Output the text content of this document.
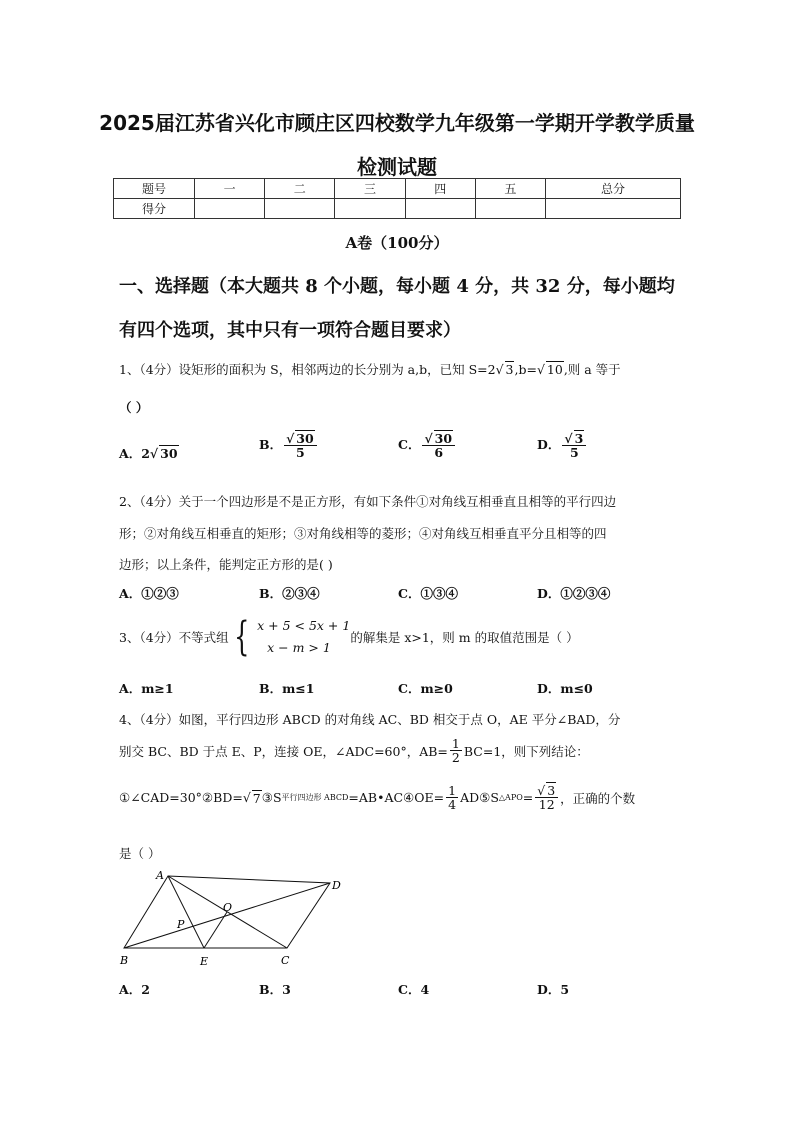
2025届江苏省兴化市顾庄区四校数学九年级第一学期开学教学质量
检测试题
题号	一	二	三	四	五	总分
得分						
A卷（100分）
一、选择题（本大题共 8 个小题，每小题 4 分，共 32 分，每小题均
有四个选项，其中只有一项符合题目要求）
1、（4分）设矩形的面积为 S，相邻两边的长分别为 a,b，已知 S=2 √ 3,b= √ 10,则 a 等于
（ ）
A．2 √ 30
B． √ $\frac{30}{5}$	C． √ $\frac{30}{6}$	D． √ $\frac{3}{5}$
2、（4分）关于一个四边形是不是正方形，有如下条件①对角线互相垂直且相等的平行四边
形；②对角线互相垂直的矩形；③对角线相等的菱形；④对角线互相垂直平分且相等的四
边形；以上条件，能判定正方形的是( )
A．①②③	B．②③④	C．①③④	D．①②③④
3、（4分）不等式组 { x + 5 < 5x + 1
x − m > 1
的解集是 x>1，则 m 的取值范围是（ ）
A．m≥1	B．m≤1	C．m≥0	D．m≤0
4、（4分）如图，平行四边形 ABCD 的对角线 AC、BD 相交于点 O，AE 平分∠BAD，分
别交 BC、BD 于点 E、P，连接 OE，∠ADC=60°，$AB= \frac{1}{2} BC=1$，则下列结论：
①∠CAD=30°②BD= √ 7 ③S 平行四边形 ABCD =AB•AC④OE= $\frac{1}{4}$ AD⑤S △APO = √ $\frac{3}{12}$ ，正确的个数
是（ ）
A
D
B	E	C
O
P
A．2	B．3	C．4	D．5
